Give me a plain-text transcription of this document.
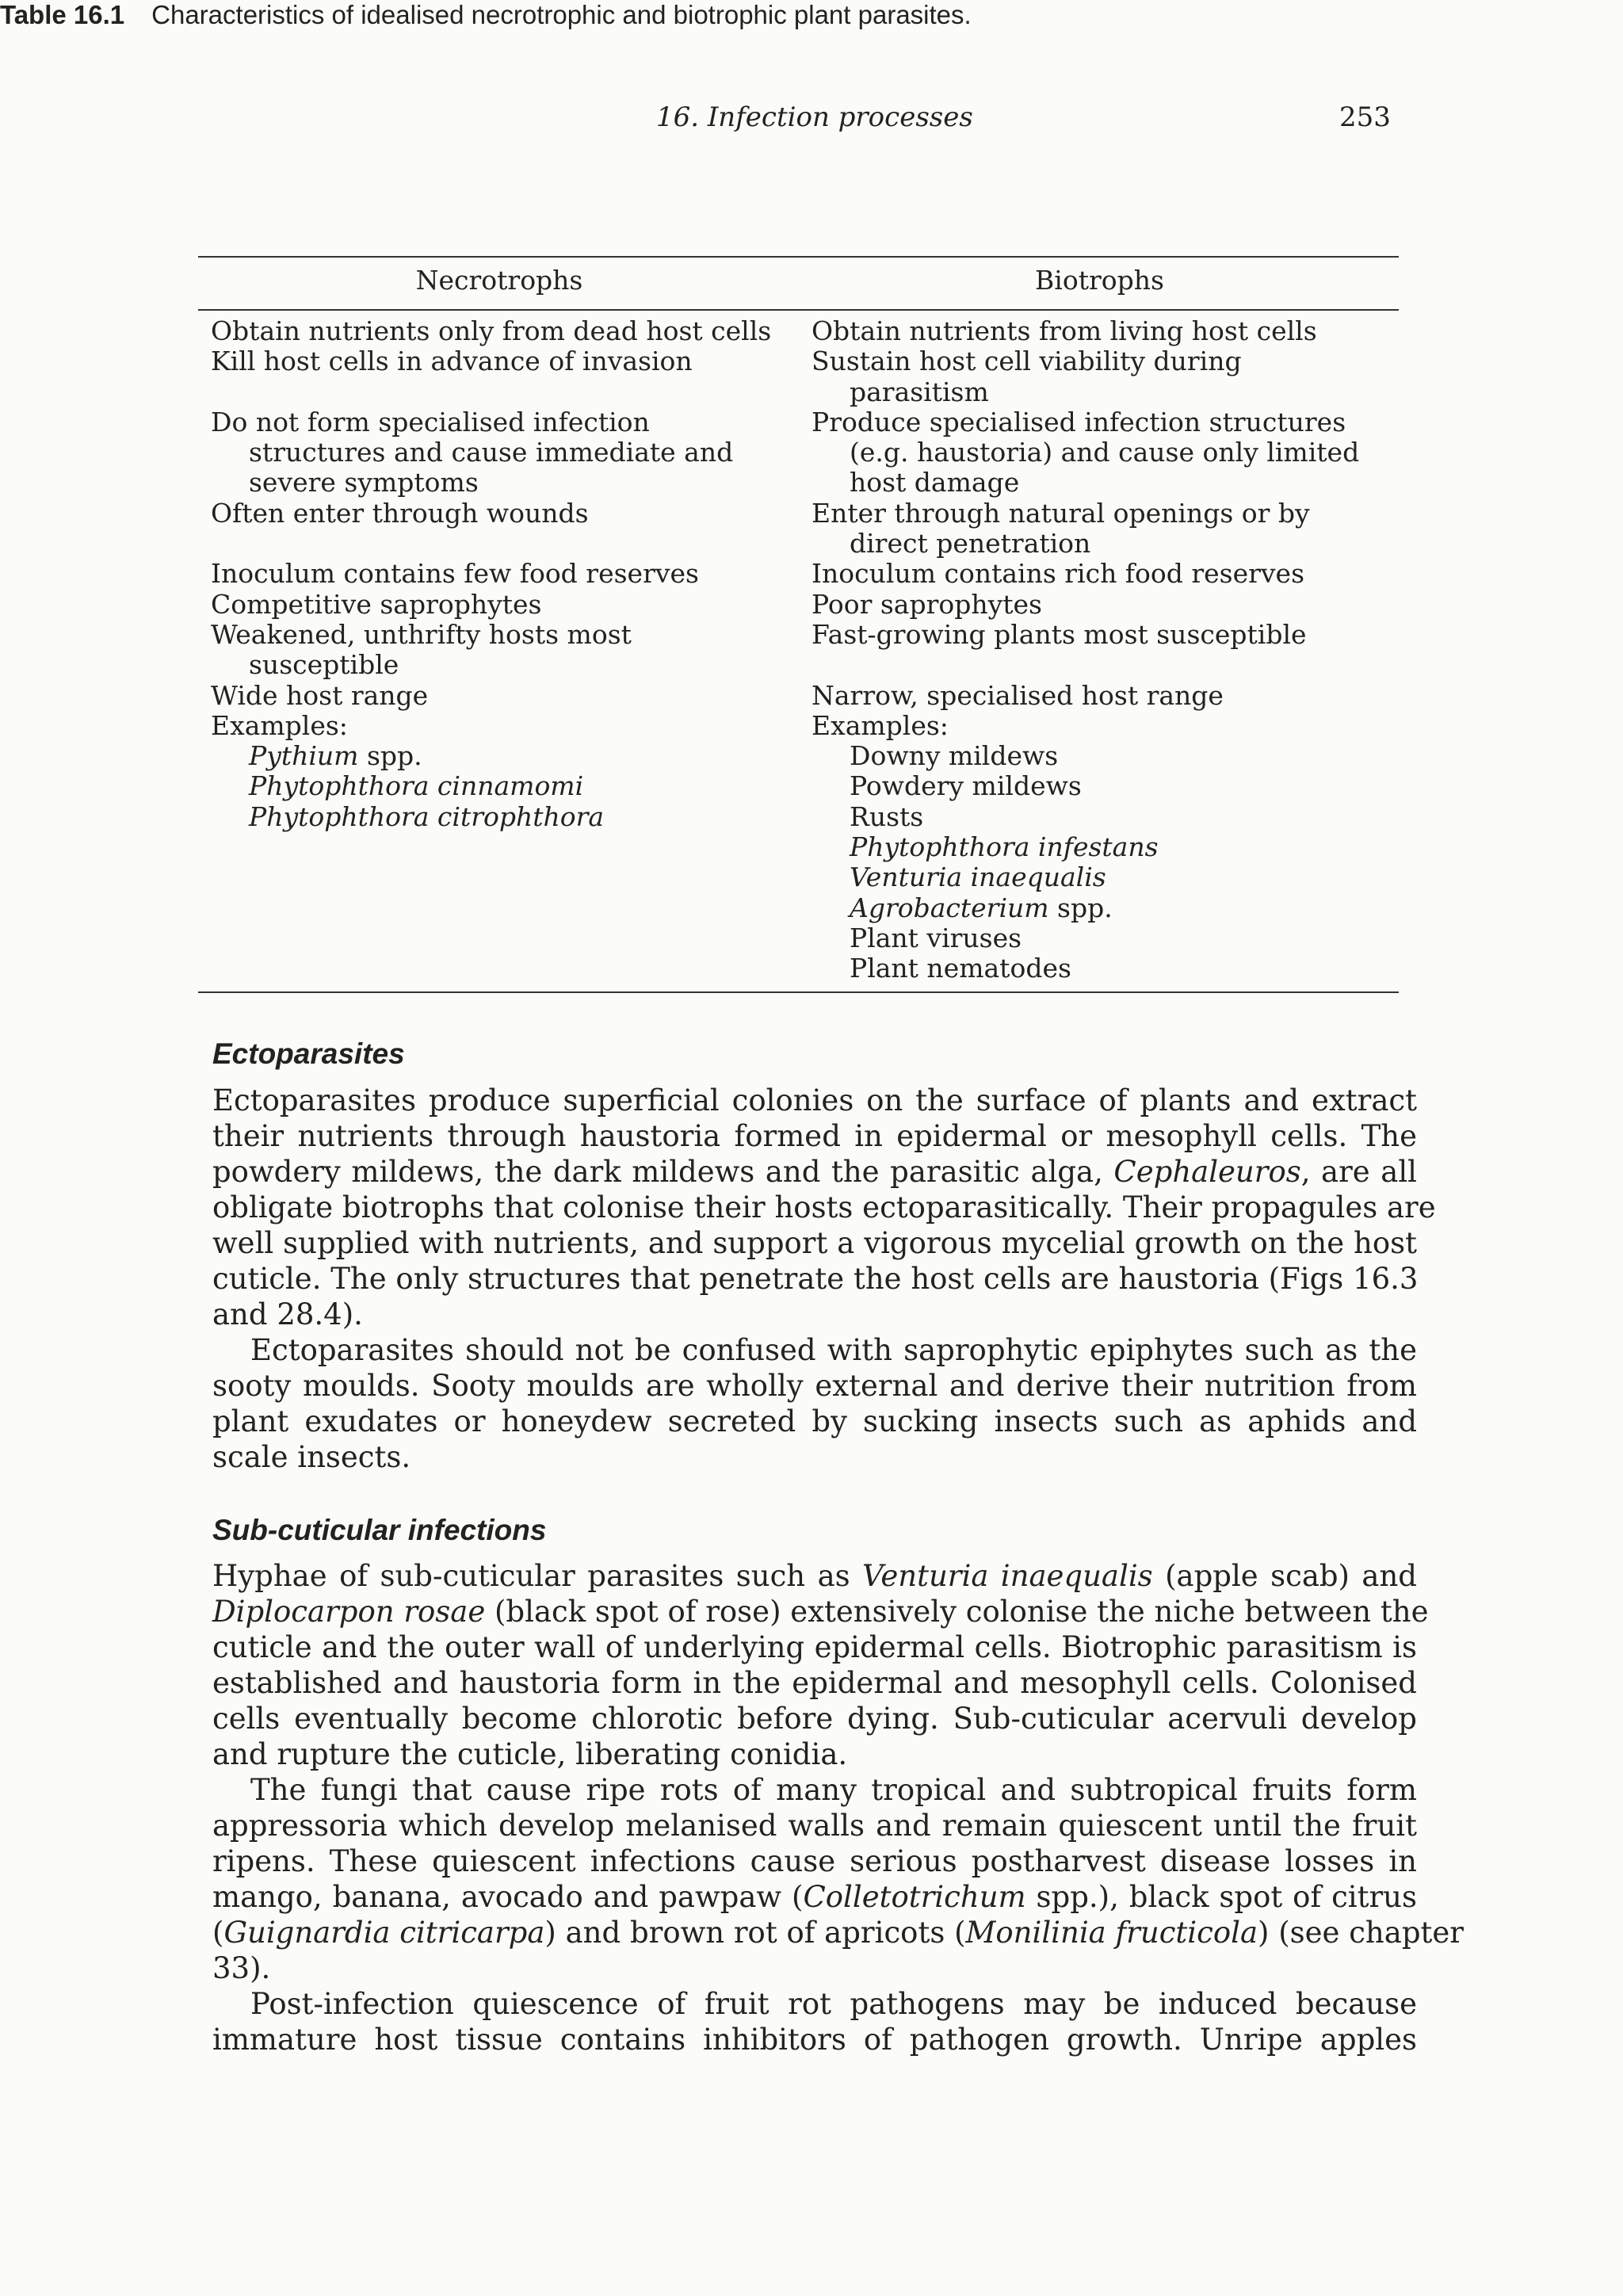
16. Infection processes	253
Table 16.1 Characteristics of idealised necrotrophic and biotrophic plant parasites.
Necrotrophs	Biotrophs
Obtain nutrients only from dead host cells
Kill host cells in advance of invasion
Do not form specialised infection
structures and cause immediate and
severe symptoms
Often enter through wounds
Inoculum contains few food reserves
Competitive saprophytes
Weakened, unthrifty hosts most
susceptible
Wide host range
Examples:
Pythium spp.
Phytophthora cinnamomi
Phytophthora citrophthora
Obtain nutrients from living host cells
Sustain host cell viability during
parasitism
Produce specialised infection structures
(e.g. haustoria) and cause only limited
host damage
Enter through natural openings or by
direct penetration
Inoculum contains rich food reserves
Poor saprophytes
Fast-growing plants most susceptible
Narrow, specialised host range
Examples:
Downy mildews
Powdery mildews
Rusts
Phytophthora infestans
Venturia inaequalis
Agrobacterium spp.
Plant viruses
Plant nematodes
Ectoparasites
Ectoparasites produce superficial colonies on the surface of plants and extract
their nutrients through haustoria formed in epidermal or mesophyll cells. The
powdery mildews, the dark mildews and the parasitic alga, Cephaleuros, are all
obligate biotrophs that colonise their hosts ectoparasitically. Their propagules are
well supplied with nutrients, and support a vigorous mycelial growth on the host
cuticle. The only structures that penetrate the host cells are haustoria (Figs 16.3
and 28.4).
Ectoparasites should not be confused with saprophytic epiphytes such as the
sooty moulds. Sooty moulds are wholly external and derive their nutrition from
plant exudates or honeydew secreted by sucking insects such as aphids and
scale insects.
Sub-cuticular infections
Hyphae of sub-cuticular parasites such as Venturia inaequalis (apple scab) and
Diplocarpon rosae (black spot of rose) extensively colonise the niche between the
cuticle and the outer wall of underlying epidermal cells. Biotrophic parasitism is
established and haustoria form in the epidermal and mesophyll cells. Colonised
cells eventually become chlorotic before dying. Sub-cuticular acervuli develop
and rupture the cuticle, liberating conidia.
The fungi that cause ripe rots of many tropical and subtropical fruits form
appressoria which develop melanised walls and remain quiescent until the fruit
ripens. These quiescent infections cause serious postharvest disease losses in
mango, banana, avocado and pawpaw (Colletotrichum spp.), black spot of citrus
(Guignardia citricarpa) and brown rot of apricots (Monilinia fructicola) (see chapter
33).
Post-infection quiescence of fruit rot pathogens may be induced because
immature host tissue contains inhibitors of pathogen growth. Unripe apples
